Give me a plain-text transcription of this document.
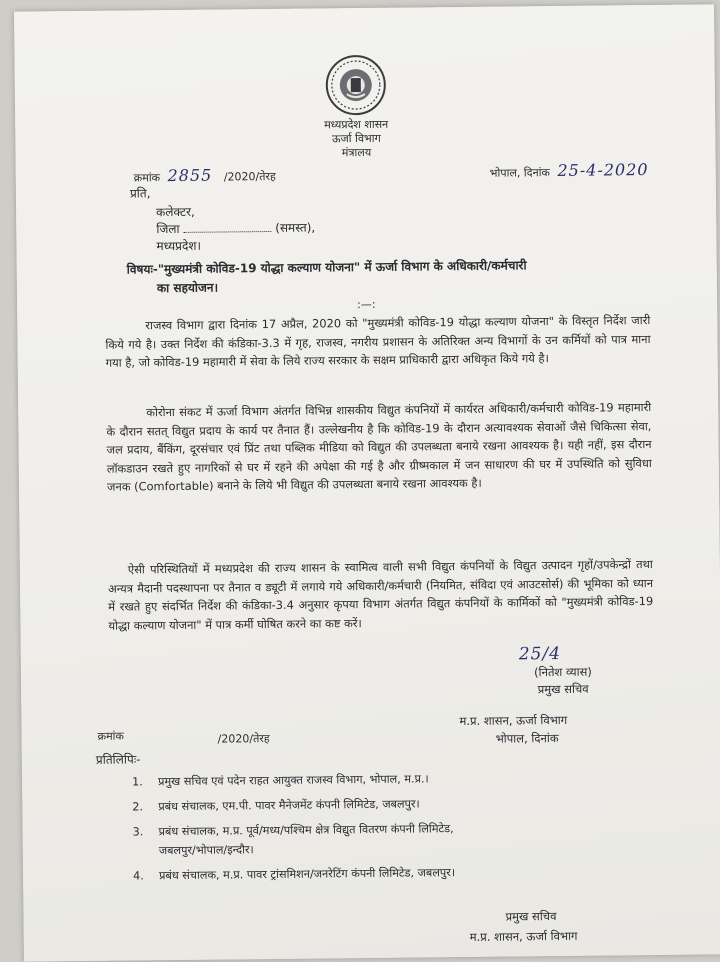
मध्यप्रदेश शासन
ऊर्जा विभाग
मंत्रालय
क्रमांक 2855 /2020/तेरह	भोपाल, दिनांक 25-4-2020
प्रति,
कलेक्टर,
जिला	(समस्त),
मध्यप्रदेश।
विषयः-"मुख्यमंत्री कोविड-19 योद्धा कल्याण योजना" में ऊर्जा विभाग के अधिकारी/कर्मचारी
का सहयोजन।
:—:
राजस्व विभाग द्वारा दिनांक 17 अप्रैल, 2020 को "मुख्यमंत्री कोविड-19 योद्धा कल्याण योजना" के विस्तृत निर्देश जारी किये गये है। उक्त निर्देश की कंडिका-3.3 में गृह, राजस्व, नगरीय प्रशासन के अतिरिक्त अन्य विभागों के उन कर्मियों को पात्र माना गया है, जो कोविड-19 महामारी में सेवा के लिये राज्य सरकार के सक्षम प्राधिकारी द्वारा अधिकृत किये गये है।
कोरोना संकट में ऊर्जा विभाग अंतर्गत विभिन्न शासकीय विद्युत कंपनियों में कार्यरत अधिकारी/कर्मचारी कोविड-19 महामारी के दौरान सतत् विद्युत प्रदाय के कार्य पर तैनात हैं। उल्लेखनीय है कि कोविड-19 के दौरान अत्यावश्यक सेवाओं जैसे चिकित्सा सेवा, जल प्रदाय, बैंकिंग, दूरसंचार एवं प्रिंट तथा पब्लिक मीडिया को विद्युत की उपलब्धता बनाये रखना आवश्यक है। यही नहीं, इस दौरान लॉकडाउन रखते हुए नागरिकों से घर में रहने की अपेक्षा की गई है और ग्रीष्मकाल में जन साधारण की घर में उपस्थिति को सुविधा जनक (Comfortable) बनाने के लिये भी विद्युत की उपलब्धता बनाये रखना आवश्यक है।
ऐसी परिस्थितियों में मध्यप्रदेश की राज्य शासन के स्वामित्व वाली सभी विद्युत कंपनियों के विद्युत उत्पादन गृहों/उपकेन्द्रों तथा अन्यत्र मैदानी पदस्थापना पर तैनात व ड्यूटी में लगाये गये अधिकारी/कर्मचारी (नियमित, संविदा एवं आउटसोर्स) की भूमिका को ध्यान में रखते हुए संदर्भित निर्देश की कंडिका-3.4 अनुसार कृपया विभाग अंतर्गत विद्युत कंपनियों के कार्मिकों को "मुख्यमंत्री कोविड-19 योद्धा कल्याण योजना" में पात्र कर्मी घोषित करने का कष्ट करें।
25/4
(नितेश व्यास)
प्रमुख सचिव
म.प्र. शासन, ऊर्जा विभाग
भोपाल, दिनांक
क्रमांक	/2020/तेरह
प्रतिलिपिः-
1.	प्रमुख सचिव एवं पदेन राहत आयुक्त राजस्व विभाग, भोपाल, म.प्र.।
2.	प्रबंध संचालक, एम.पी. पावर मैनेजमेंट कंपनी लिमिटेड, जबलपुर।
3.	प्रबंध संचालक, म.प्र. पूर्व/मध्य/पश्चिम क्षेत्र विद्युत वितरण कंपनी लिमिटेड,
जबलपुर/भोपाल/इन्दौर।
4.	प्रबंध संचालक, म.प्र. पावर ट्रांसमिशन/जनरेटिंग कंपनी लिमिटेड, जबलपुर।
प्रमुख सचिव
म.प्र. शासन, ऊर्जा विभाग
